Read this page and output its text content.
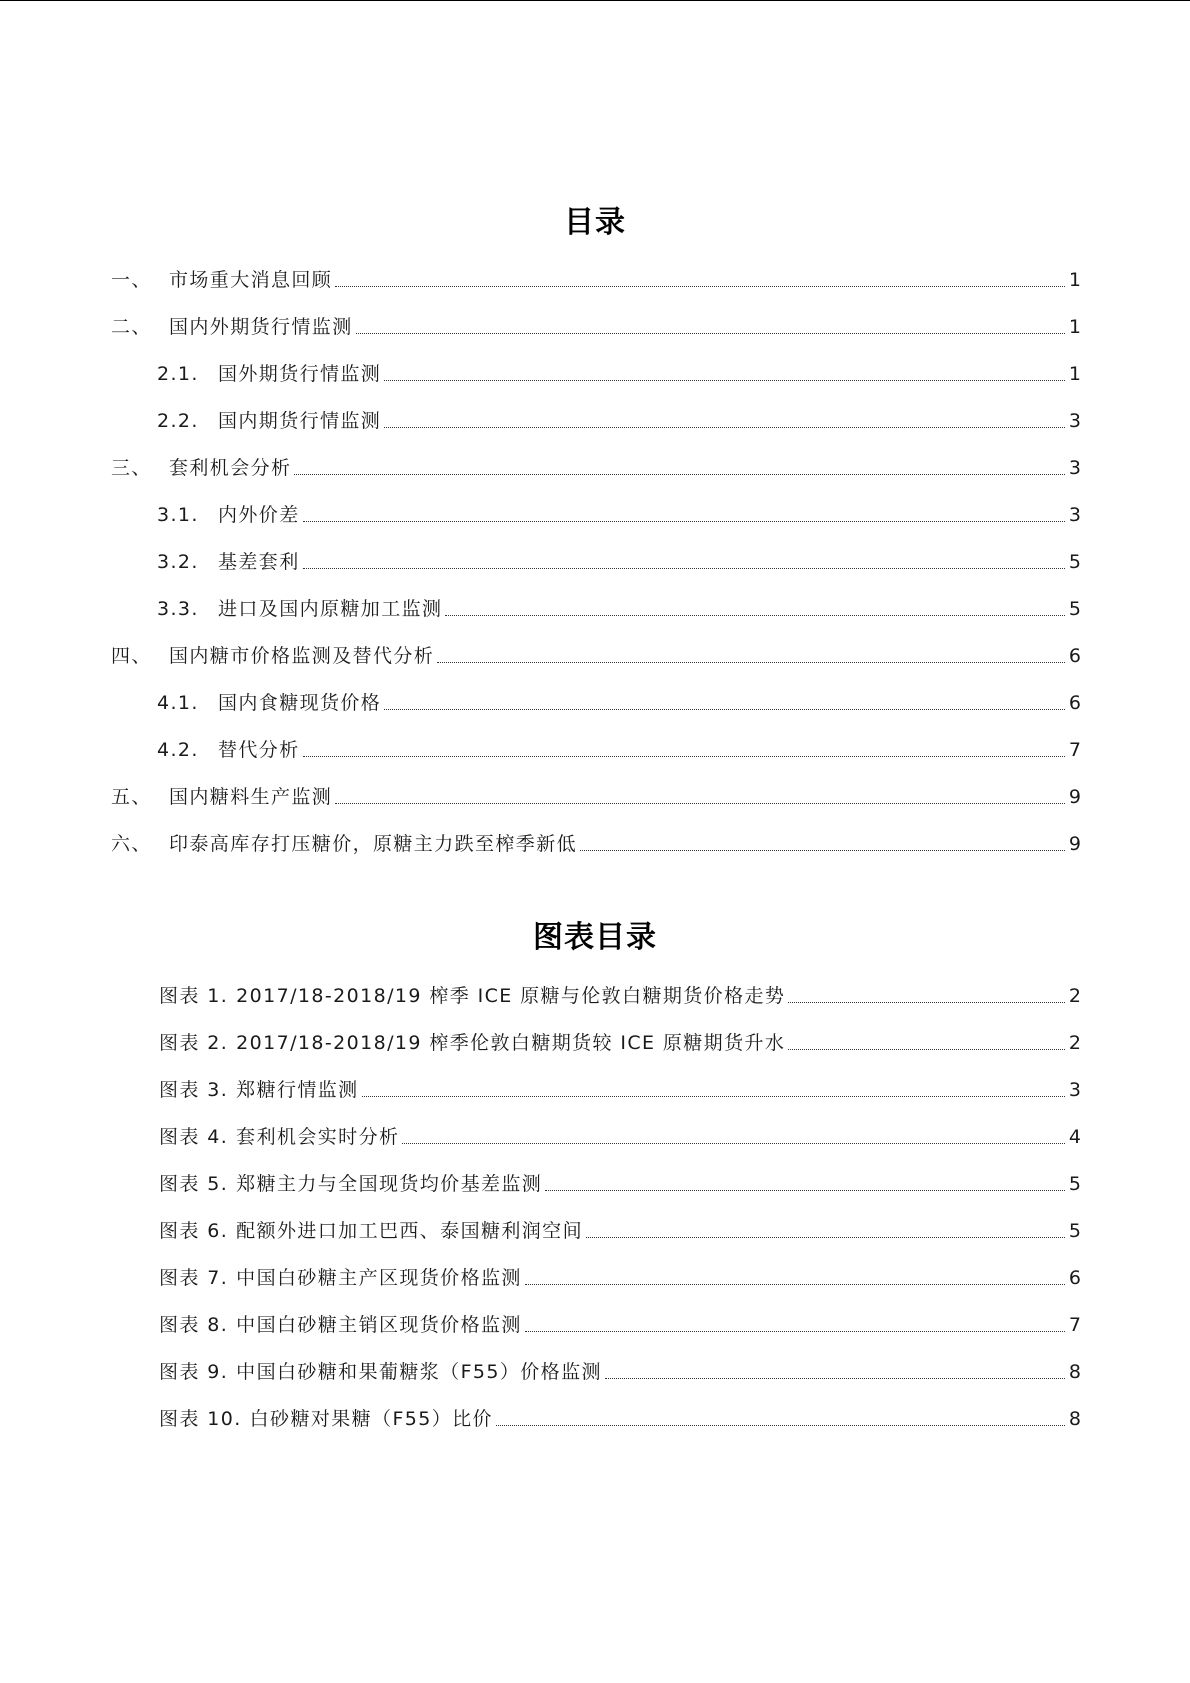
目录
一、 市场重大消息回顾	1
二、 国内外期货行情监测	1
2.1.	国外期货行情监测	1
2.2.	国内期货行情监测	3
三、 套利机会分析	3
3.1.	内外价差	3
3.2.	基差套利	5
3.3.	进口及国内原糖加工监测	5
四、 国内糖市价格监测及替代分析	6
4.1.	国内食糖现货价格	6
4.2.	替代分析	7
五、 国内糖料生产监测	9
六、 印泰高库存打压糖价，原糖主力跌至榨季新低	9
图表目录
图表 1. 2017/18-2018/19 榨季 ICE 原糖与伦敦白糖期货价格走势	2
图表 2. 2017/18-2018/19 榨季伦敦白糖期货较 ICE 原糖期货升水	2
图表 3. 郑糖行情监测	3
图表 4. 套利机会实时分析	4
图表 5. 郑糖主力与全国现货均价基差监测	5
图表 6. 配额外进口加工巴西、泰国糖利润空间	5
图表 7. 中国白砂糖主产区现货价格监测	6
图表 8. 中国白砂糖主销区现货价格监测	7
图表 9. 中国白砂糖和果葡糖浆（F55）价格监测	8
图表 10. 白砂糖对果糖（F55）比价	8
